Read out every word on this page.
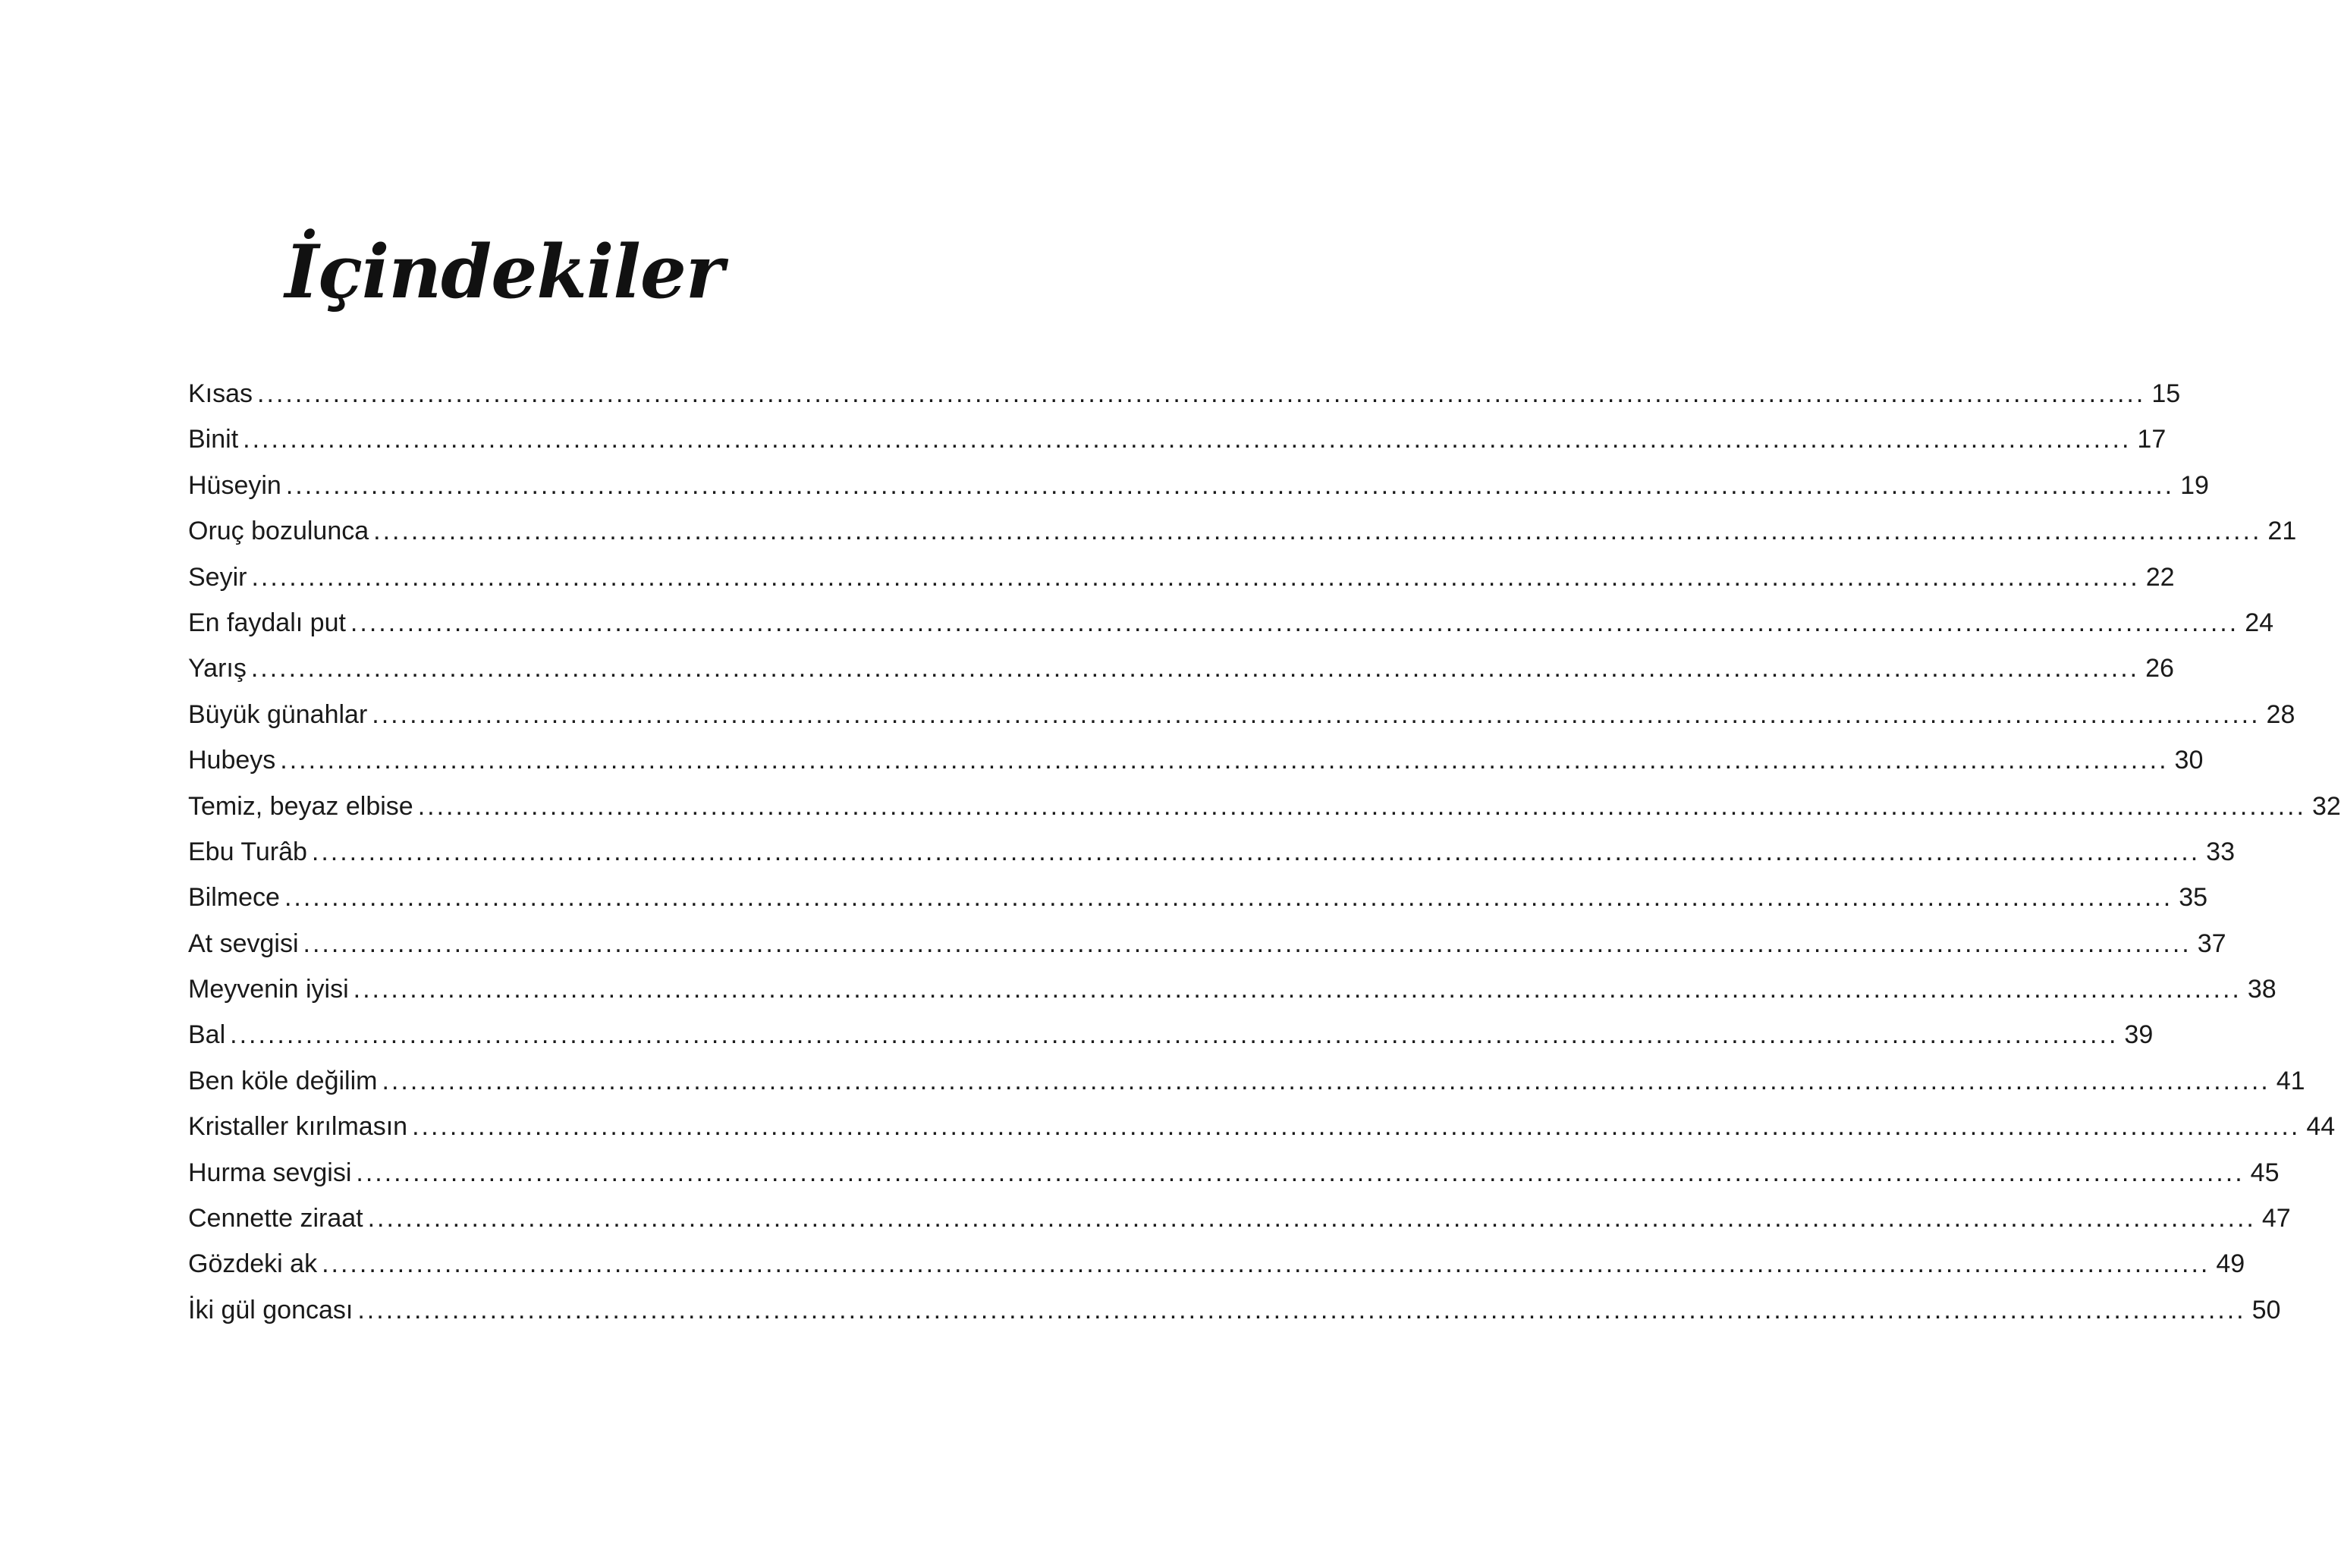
İçindekiler
Kısas ........................................................................................................................................................................................................ 15
Binit ........................................................................................................................................................................................................ 17
Hüseyin ........................................................................................................................................................................................................ 19
Oruç bozulunca ........................................................................................................................................................................................................ 21
Seyir ........................................................................................................................................................................................................ 22
En faydalı put ........................................................................................................................................................................................................ 24
Yarış ........................................................................................................................................................................................................ 26
Büyük günahlar ........................................................................................................................................................................................................ 28
Hubeys ........................................................................................................................................................................................................ 30
Temiz, beyaz elbise ........................................................................................................................................................................................................ 32
Ebu Turâb ........................................................................................................................................................................................................ 33
Bilmece ........................................................................................................................................................................................................ 35
At sevgisi ........................................................................................................................................................................................................ 37
Meyvenin iyisi ........................................................................................................................................................................................................ 38
Bal ........................................................................................................................................................................................................ 39
Ben köle değilim ........................................................................................................................................................................................................ 41
Kristaller kırılmasın ........................................................................................................................................................................................................ 44
Hurma sevgisi ........................................................................................................................................................................................................ 45
Cennette ziraat ........................................................................................................................................................................................................ 47
Gözdeki ak ........................................................................................................................................................................................................ 49
İki gül goncası ........................................................................................................................................................................................................ 50
